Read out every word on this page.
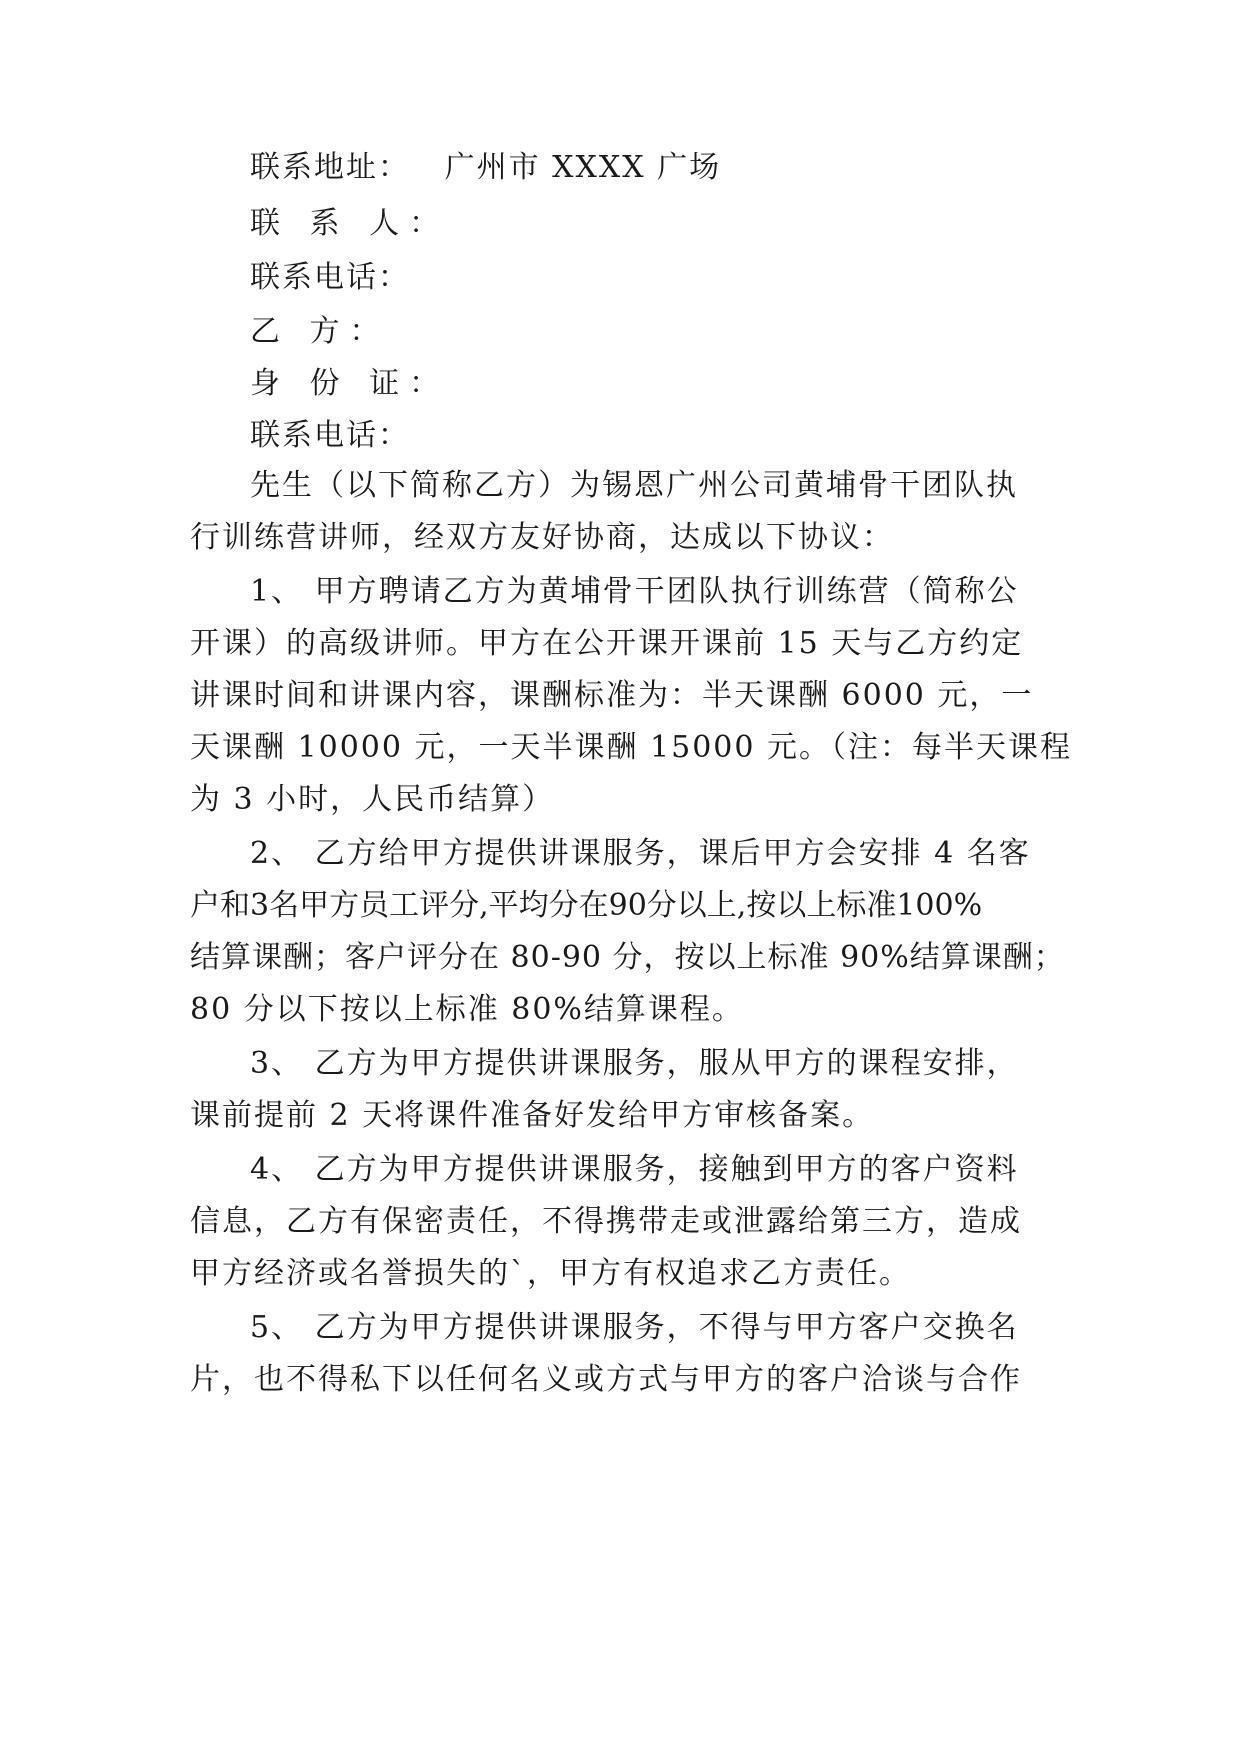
联系地址：   广州市 XXXX 广场
联 系 人：
联系电话：
乙 方：
身 份 证：
联系电话：
先生（以下简称乙方）为锡恩广州公司黄埔骨干团队执
行训练营讲师，经双方友好协商，达成以下协议：
1、 甲方聘请乙方为黄埔骨干团队执行训练营（简称公
开课）的高级讲师。甲方在公开课开课前 15 天与乙方约定
讲课时间和讲课内容，课酬标准为：半天课酬 6000 元，一
天课酬 10000 元，一天半课酬 15000 元。（注：每半天课程
为 3 小时，人民币结算）
2、 乙方给甲方提供讲课服务，课后甲方会安排 4 名客
户和3名甲方员工评分,平均分在90分以上,按以上标准100%
结算课酬；客户评分在 80-90 分，按以上标准 90%结算课酬；
80 分以下按以上标准 80%结算课程。
3、 乙方为甲方提供讲课服务，服从甲方的课程安排，
课前提前 2 天将课件准备好发给甲方审核备案。
4、 乙方为甲方提供讲课服务，接触到甲方的客户资料
信息，乙方有保密责任，不得携带走或泄露给第三方，造成
甲方经济或名誉损失的`，甲方有权追求乙方责任。
5、 乙方为甲方提供讲课服务，不得与甲方客户交换名
片，也不得私下以任何名义或方式与甲方的客户洽谈与合作
